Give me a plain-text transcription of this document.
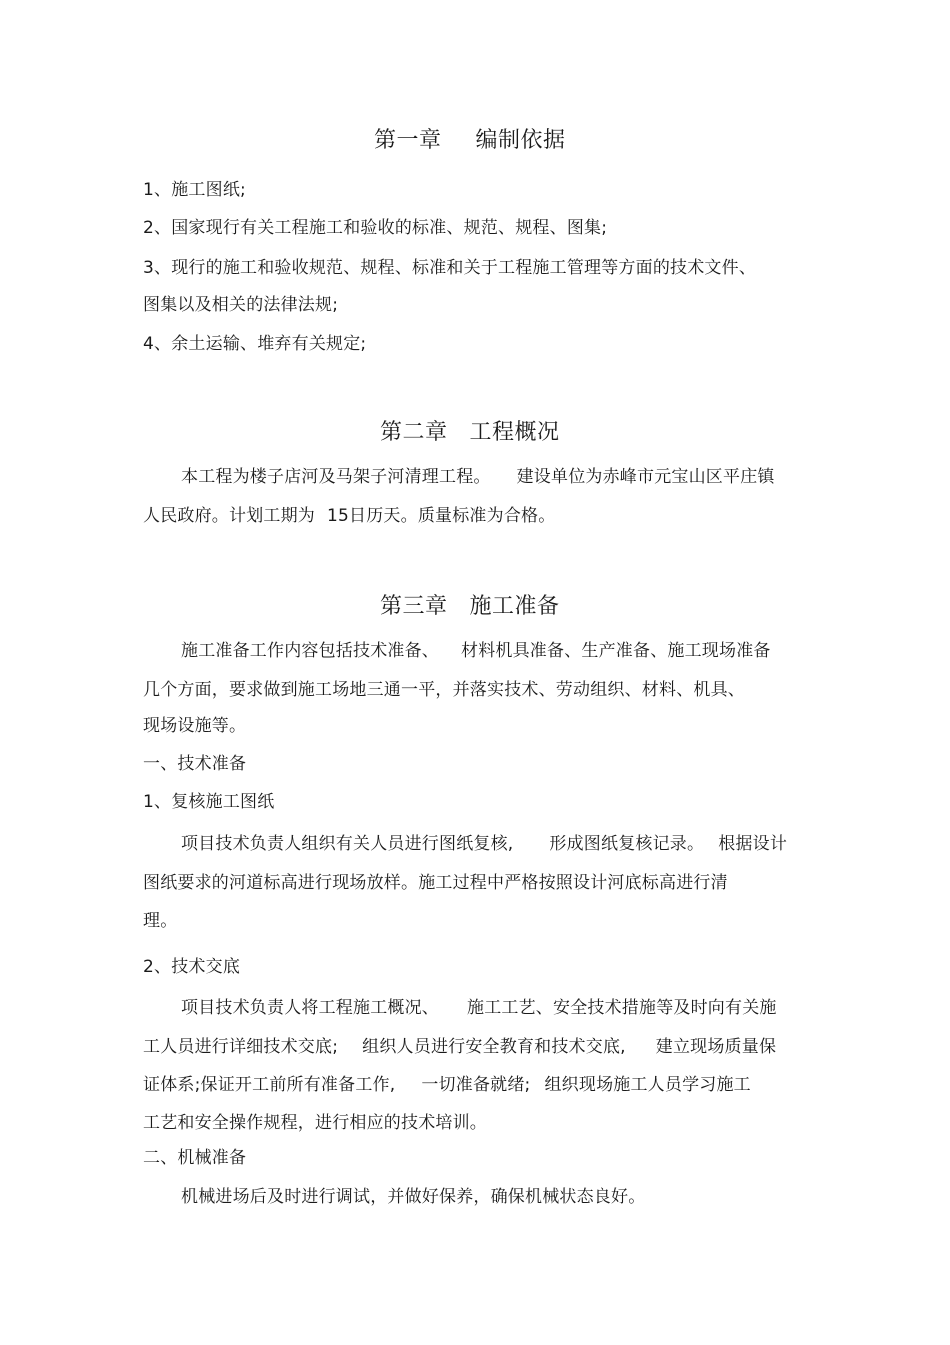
第一章 编制依据
1、施工图纸;
2、国家现行有关工程施工和验收的标准、规范、规程、图集;
3、现行的施工和验收规范、规程、标准和关于工程施工管理等方面的技术文件、
图集以及相关的法律法规;
4、余土运输、堆弃有关规定;
第二章 工程概况
本工程为楼子店河及马架子河清理工程。 建设单位为赤峰市元宝山区平庄镇
人民政府。计划工期为 15日历天。质量标准为合格。
第三章 施工准备
施工准备工作内容包括技术准备、 材料机具准备、生产准备、施工现场准备
几个方面，要求做到施工场地三通一平，并落实技术、劳动组织、材料、机具、
现场设施等。
一、技术准备
1、复核施工图纸
项目技术负责人组织有关人员进行图纸复核, 形成图纸复核记录。 根据设计
图纸要求的河道标高进行现场放样。施工过程中严格按照设计河底标高进行清
理。
2、技术交底
项目技术负责人将工程施工概况、 施工工艺、安全技术措施等及时向有关施
工人员进行详细技术交底; 组织人员进行安全教育和技术交底, 建立现场质量保
证体系;保证开工前所有准备工作, 一切准备就绪; 组织现场施工人员学习施工
工艺和安全操作规程，进行相应的技术培训。
二、机械准备
机械进场后及时进行调试，并做好保养，确保机械状态良好。
